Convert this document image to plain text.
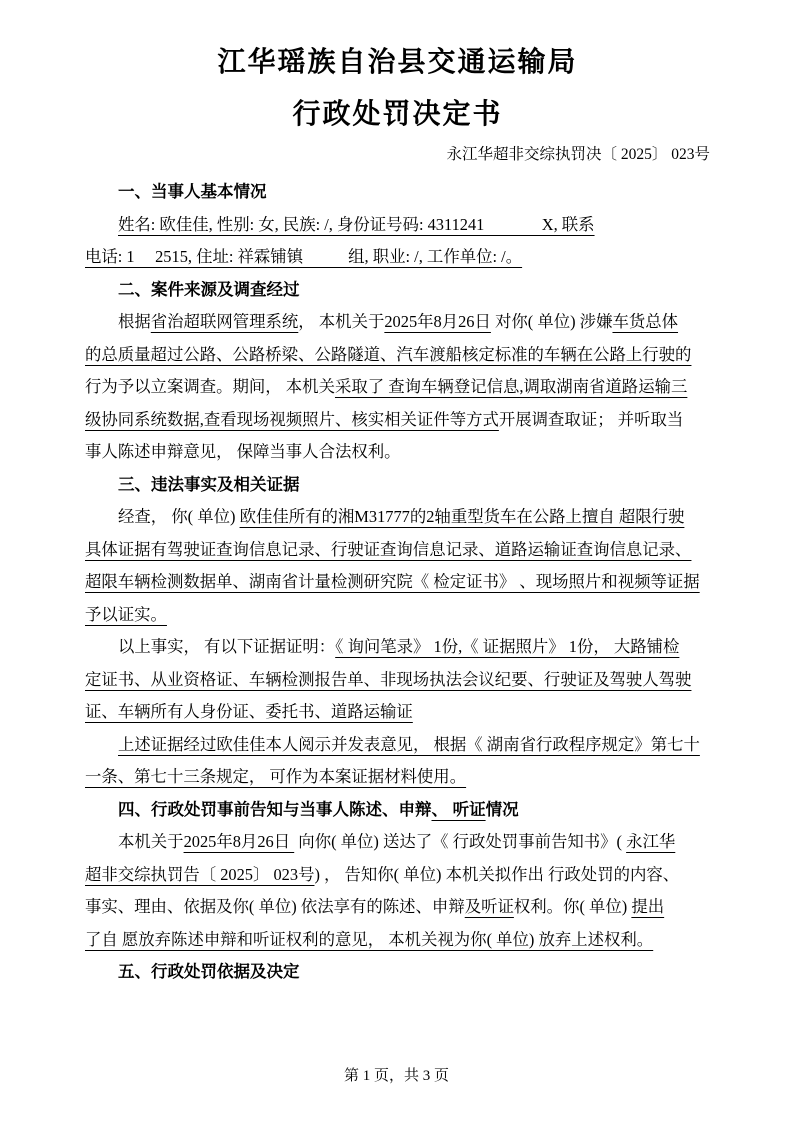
江华瑶族自治县交通运输局
行政处罚决定书
永江华超非交综执罚决〔 2025〕 023号
一、当事人基本情况
姓名: 欧佳佳, 性别: 女, 民族: /, 身份证号码: 4311241              X, 联系
电话: 1     2515, 住址: 祥霖铺镇           组, 职业: /, 工作单位: /。
二、案件来源及调查经过
根据省治超联网管理系统， 本机关于2025年8月26日 对你( 单位) 涉嫌车货总体
的总质量超过公路、公路桥梁、公路隧道、汽车渡船核定标准的车辆在公路上行驶的
行为予以立案调查。期间， 本机关采取了 查询车辆登记信息,调取湖南省道路运输三
级协同系统数据,查看现场视频照片、核实相关证件等方式开展调查取证； 并听取当
事人陈述申辩意见， 保障当事人合法权利。
三、违法事实及相关证据
经查， 你( 单位) 欧佳佳所有的湘M31777的2轴重型货车在公路上擅自 超限行驶
具体证据有驾驶证查询信息记录、行驶证查询信息记录、道路运输证查询信息记录、
超限车辆检测数据单、湖南省计量检测研究院《 检定证书》 、现场照片和视频等证据
予以证实。
以上事实， 有以下证据证明：《 询问笔录》 1份,《 证据照片》 1份， 大路铺检
定证书、从业资格证、车辆检测报告单、非现场执法会议纪要、行驶证及驾驶人驾驶
证、车辆所有人身份证、委托书、道路运输证
上述证据经过欧佳佳本人阅示并发表意见， 根据《 湖南省行政程序规定》第七十
一条、第七十三条规定， 可作为本案证据材料使用。
四、行政处罚事前告知与当事人陈述、申辩、 听证情况
本机关于2025年8月26日  向你( 单位) 送达了《 行政处罚事前告知书》( 永江华
超非交综执罚告〔 2025〕 023号) ， 告知你( 单位) 本机关拟作出 行政处罚的内容、
事实、理由、依据及你( 单位) 依法享有的陈述、申辩及听证权利。你( 单位) 提出
了自 愿放弃陈述申辩和听证权利的意见， 本机关视为你( 单位) 放弃上述权利。
五、行政处罚依据及决定
第 1 页，共 3 页
